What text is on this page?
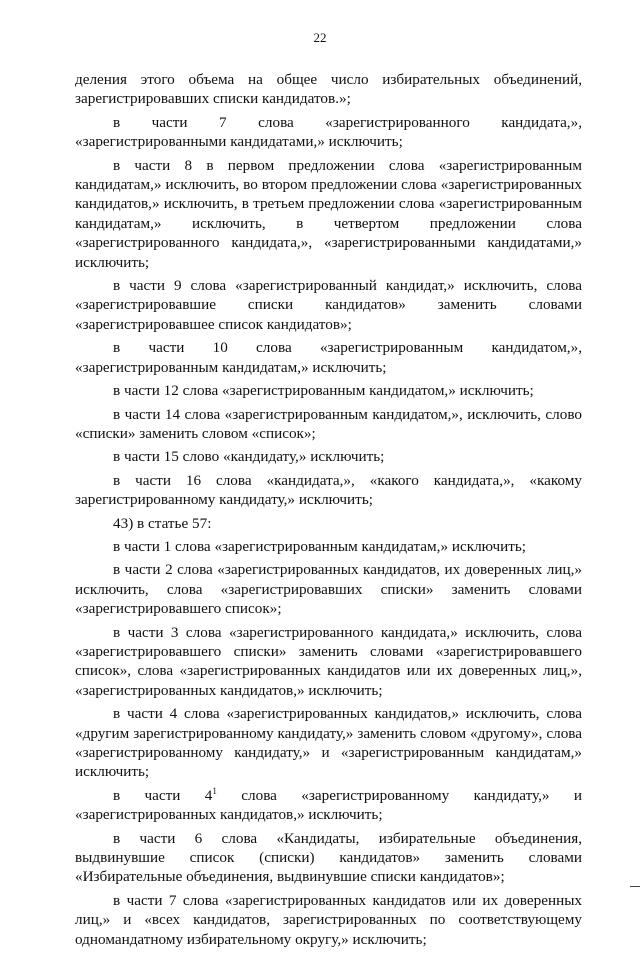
22

деления этого объема на общее число избирательных объединений, зарегистрировавших списки кандидатов.»;

в части 7 слова «зарегистрированного кандидата,», «зарегистрированными кандидатами,» исключить;

в части 8 в первом предложении слова «зарегистрированным кандидатам,» исключить, во втором предложении слова «зарегистрированных кандидатов,» исключить, в третьем предложении слова «зарегистрированным кандидатам,» исключить, в четвертом предложении слова «зарегистрированного кандидата,», «зарегистрированными кандидатами,» исключить;

в части 9 слова «зарегистрированный кандидат,» исключить, слова «зарегистрировавшие списки кандидатов» заменить словами «зарегистрировавшее список кандидатов»;

в части 10 слова «зарегистрированным кандидатом,», «зарегистрированным кандидатам,» исключить;

в части 12 слова «зарегистрированным кандидатом,» исключить;

в части 14 слова «зарегистрированным кандидатом,», исключить, слово «списки» заменить словом «список»;

в части 15 слово «кандидату,» исключить;

в части 16 слова «кандидата,», «какого кандидата,», «какому зарегистрированному кандидату,» исключить;

43) в статье 57:

в части 1 слова «зарегистрированным кандидатам,» исключить;

в части 2 слова «зарегистрированных кандидатов, их доверенных лиц,» исключить, слова «зарегистрировавших списки» заменить словами «зарегистрировавшего список»;

в части 3 слова «зарегистрированного кандидата,» исключить, слова «зарегистрировавшего списки» заменить словами «зарегистрировавшего список», слова «зарегистрированных кандидатов или их доверенных лиц,», «зарегистрированных кандидатов,» исключить;

в части 4 слова «зарегистрированных кандидатов,» исключить, слова «другим зарегистрированному кандидату,» заменить словом «другому», слова «зарегистрированному кандидату,» и «зарегистрированным кандидатам,» исключить;

в части $4^1$ слова «зарегистрированному кандидату,» и «зарегистрированных кандидатов,» исключить;

в части 6 слова «Кандидаты, избирательные объединения, выдвинувшие список (списки) кандидатов» заменить словами «Избирательные объединения, выдвинувшие списки кандидатов»;

в части 7 слова «зарегистрированных кандидатов или их доверенных лиц,» и «всех кандидатов, зарегистрированных по соответствующему одномандатному избирательному округу,» исключить;
